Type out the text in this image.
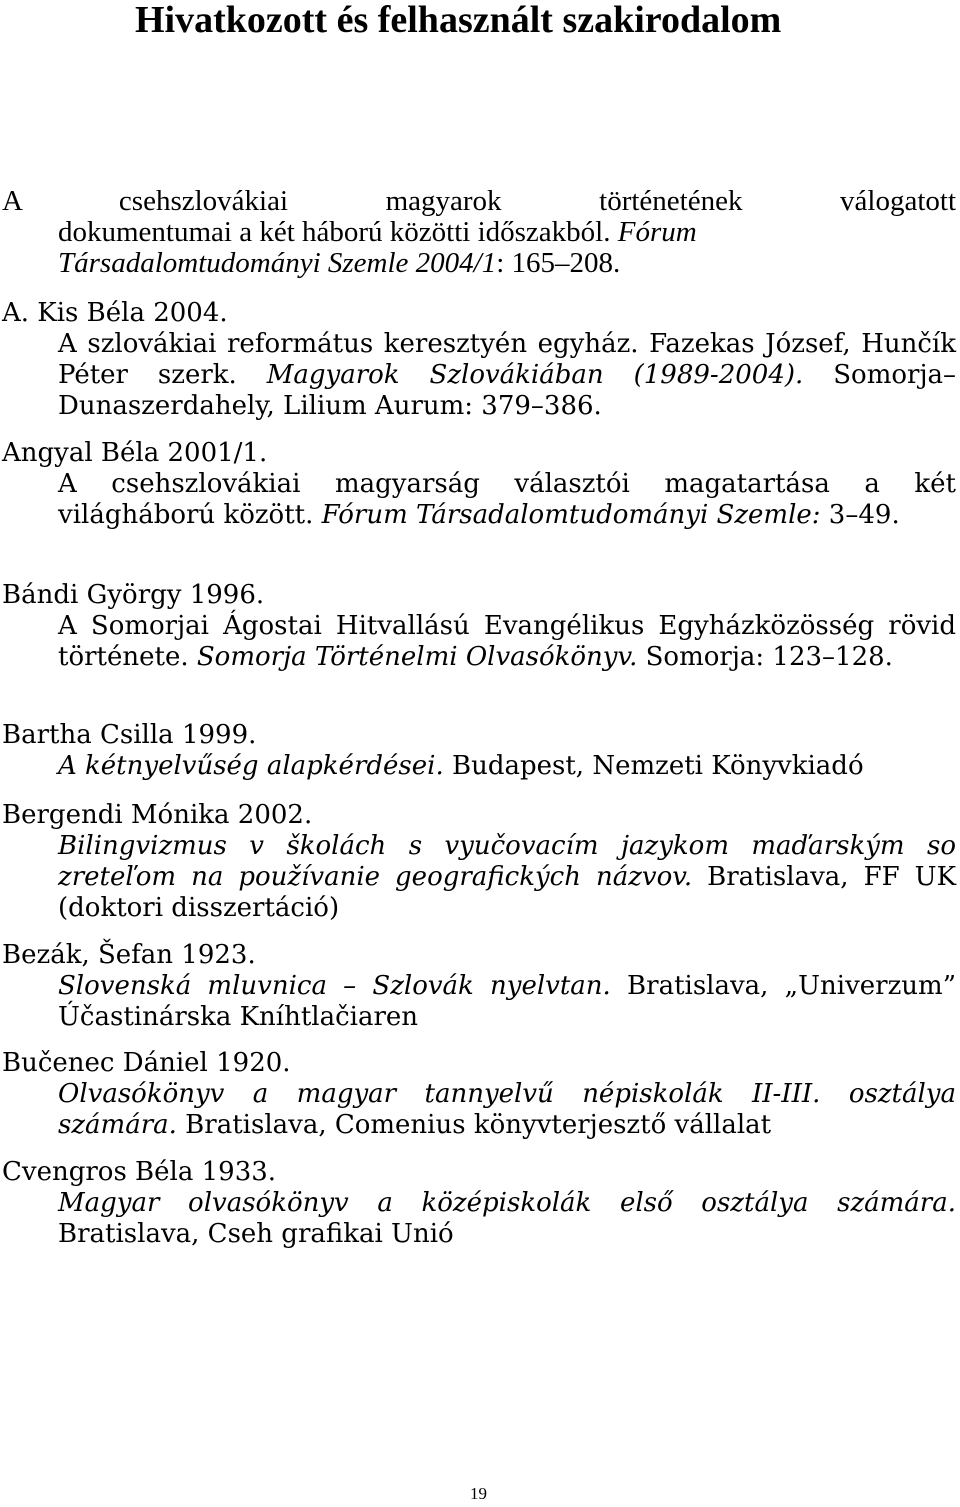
Hivatkozott és felhasznált szakirodalom
A csehszlovákiai magyarok történetének válogatott
dokumentumai a két háború közötti időszakból. Fórum Társadalomtudományi Szemle 2004/1: 165–208.
A. Kis Béla 2004.
A szlovákiai református keresztyén egyház. Fazekas József, Hunčík Péter szerk. Magyarok Szlovákiában (1989-2004). Somorja–Dunaszerdahely, Lilium Aurum: 379–386.
Angyal Béla 2001/1.
A csehszlovákiai magyarság választói magatartása a két világháború között. Fórum Társadalomtudományi Szemle: 3–49.
Bándi György 1996.
A Somorjai Ágostai Hitvallású Evangélikus Egyházközösség rövid története. Somorja Történelmi Olvasókönyv. Somorja: 123–128.
Bartha Csilla 1999.
A kétnyelvűség alapkérdései. Budapest, Nemzeti Könyvkiadó
Bergendi Mónika 2002.
Bilingvizmus v školách s vyučovacím jazykom maďarským so zreteľom na používanie geografických názvov. Bratislava, FF UK (doktori disszertáció)
Bezák, Šefan 1923.
Slovenská mluvnica – Szlovák nyelvtan. Bratislava, „Univerzum” Účastinárska Kníhtlačiaren
Bučenec Dániel 1920.
Olvasókönyv a magyar tannyelvű népiskolák II-III. osztálya számára. Bratislava, Comenius könyvterjesztő vállalat
Cvengros Béla 1933.
Magyar olvasókönyv a középiskolák első osztálya számára. Bratislava, Cseh grafikai Unió
19
